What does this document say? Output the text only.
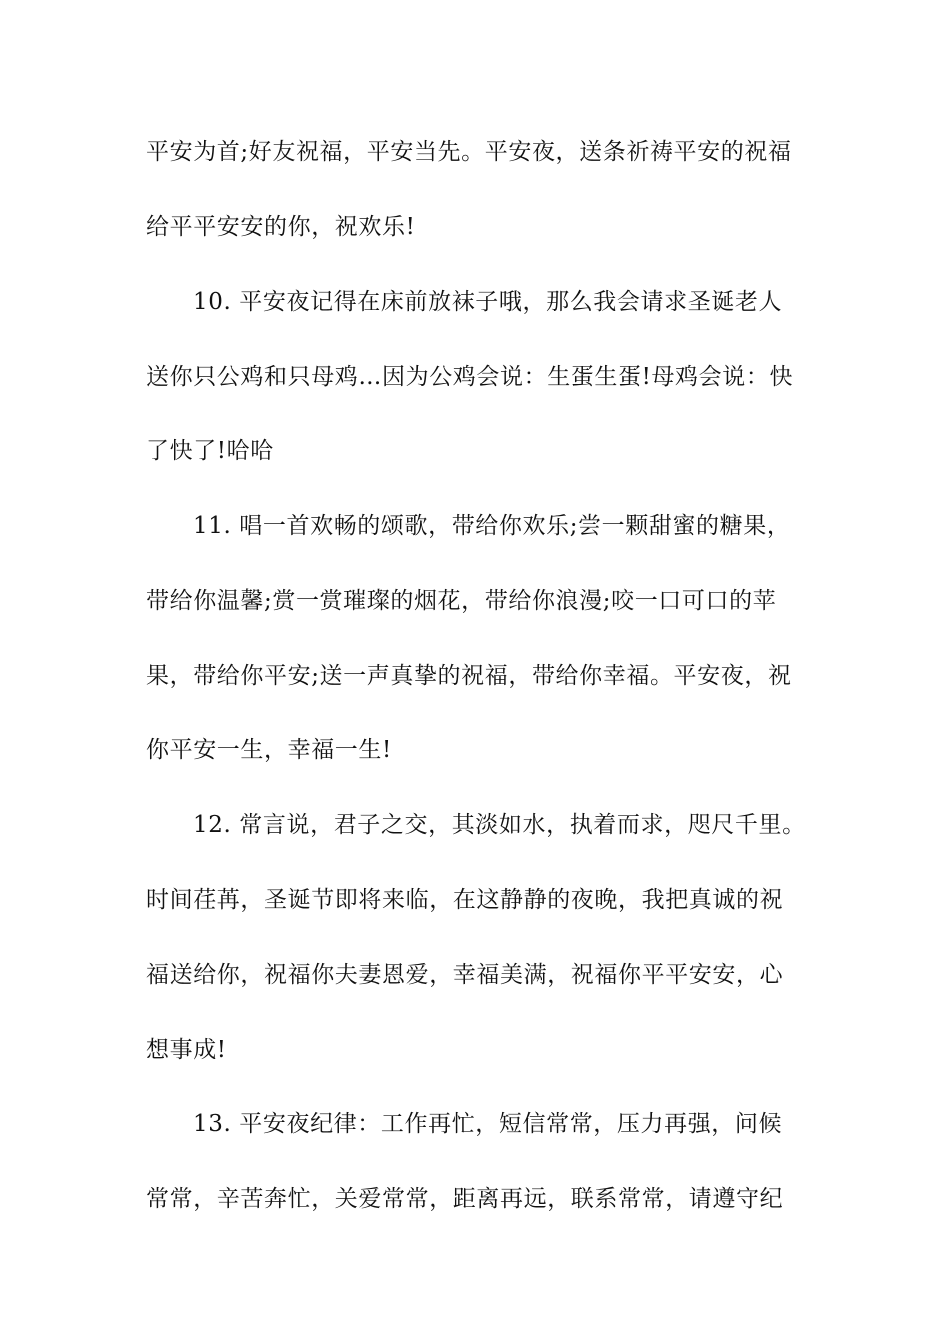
平安为首;好友祝福，平安当先。平安夜，送条祈祷平安的祝福
给平平安安的你，祝欢乐!
10. 平安夜记得在床前放袜子哦，那么我会请求圣诞老人
送你只公鸡和只母鸡…因为公鸡会说：生蛋生蛋!母鸡会说：快
了快了!哈哈
11. 唱一首欢畅的颂歌，带给你欢乐;尝一颗甜蜜的糖果，
带给你温馨;赏一赏璀璨的烟花，带给你浪漫;咬一口可口的苹
果，带给你平安;送一声真挚的祝福，带给你幸福。平安夜，祝
你平安一生，幸福一生!
12. 常言说，君子之交，其淡如水，执着而求，咫尺千里。
时间荏苒，圣诞节即将来临，在这静静的夜晚，我把真诚的祝
福送给你，祝福你夫妻恩爱，幸福美满，祝福你平平安安，心
想事成!
13. 平安夜纪律：工作再忙，短信常常，压力再强，问候
常常，辛苦奔忙，关爱常常，距离再远，联系常常，请遵守纪
